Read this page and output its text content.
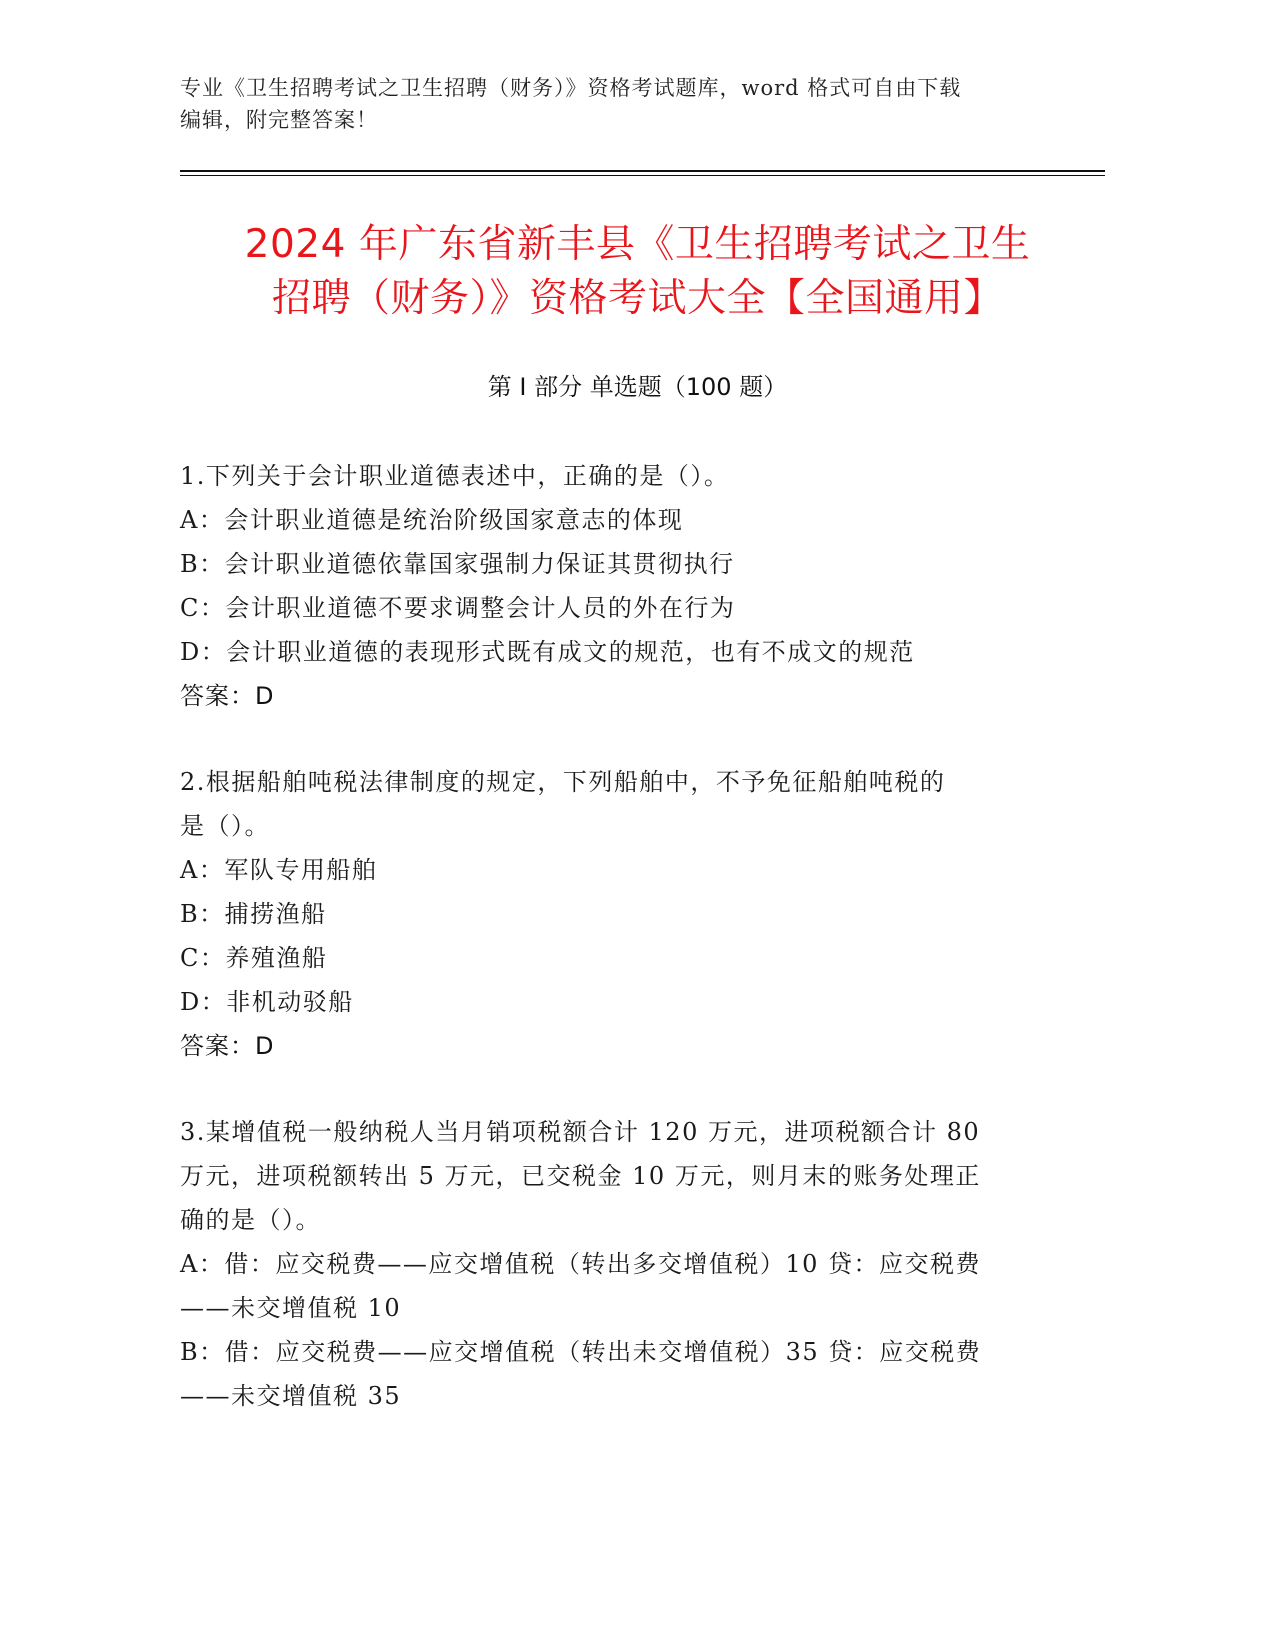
专业《卫生招聘考试之卫生招聘（财务）》资格考试题库，word 格式可自由下载
编辑，附完整答案！
2024 年广东省新丰县《卫生招聘考试之卫生
招聘（财务）》资格考试大全【全国通用】
第 I 部分 单选题（100 题）
1.下列关于会计职业道德表述中，正确的是（）。
A：会计职业道德是统治阶级国家意志的体现
B：会计职业道德依靠国家强制力保证其贯彻执行
C：会计职业道德不要求调整会计人员的外在行为
D：会计职业道德的表现形式既有成文的规范，也有不成文的规范
答案：D
2.根据船舶吨税法律制度的规定，下列船舶中，不予免征船舶吨税的
是（）。
A：军队专用船舶
B：捕捞渔船
C：养殖渔船
D：非机动驳船
答案：D
3.某增值税一般纳税人当月销项税额合计 120 万元，进项税额合计 80
万元，进项税额转出 5 万元，已交税金 10 万元，则月末的账务处理正
确的是（）。
A：借：应交税费——应交增值税（转出多交增值税）10 贷：应交税费
——未交增值税 10
B：借：应交税费——应交增值税（转出未交增值税）35 贷：应交税费
——未交增值税 35
